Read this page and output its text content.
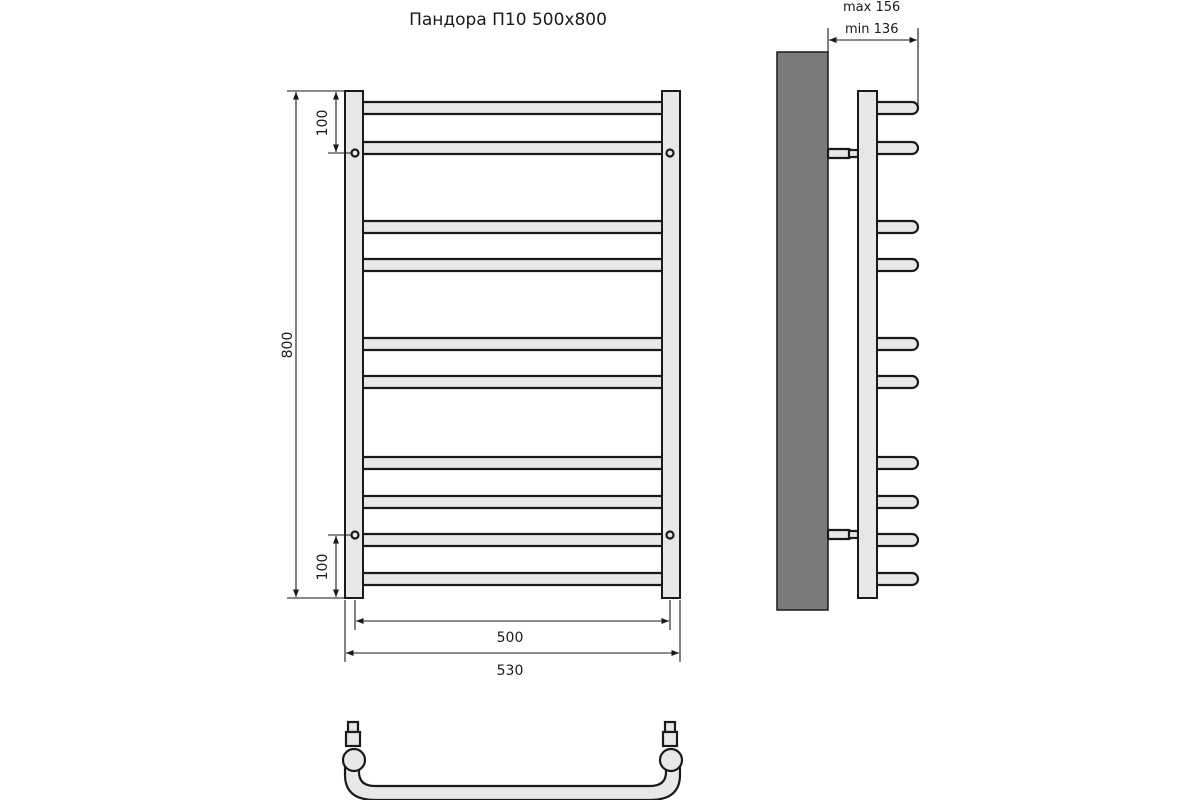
Пандора П10 500х800
800
100
100
500
530
max 156
min 136
